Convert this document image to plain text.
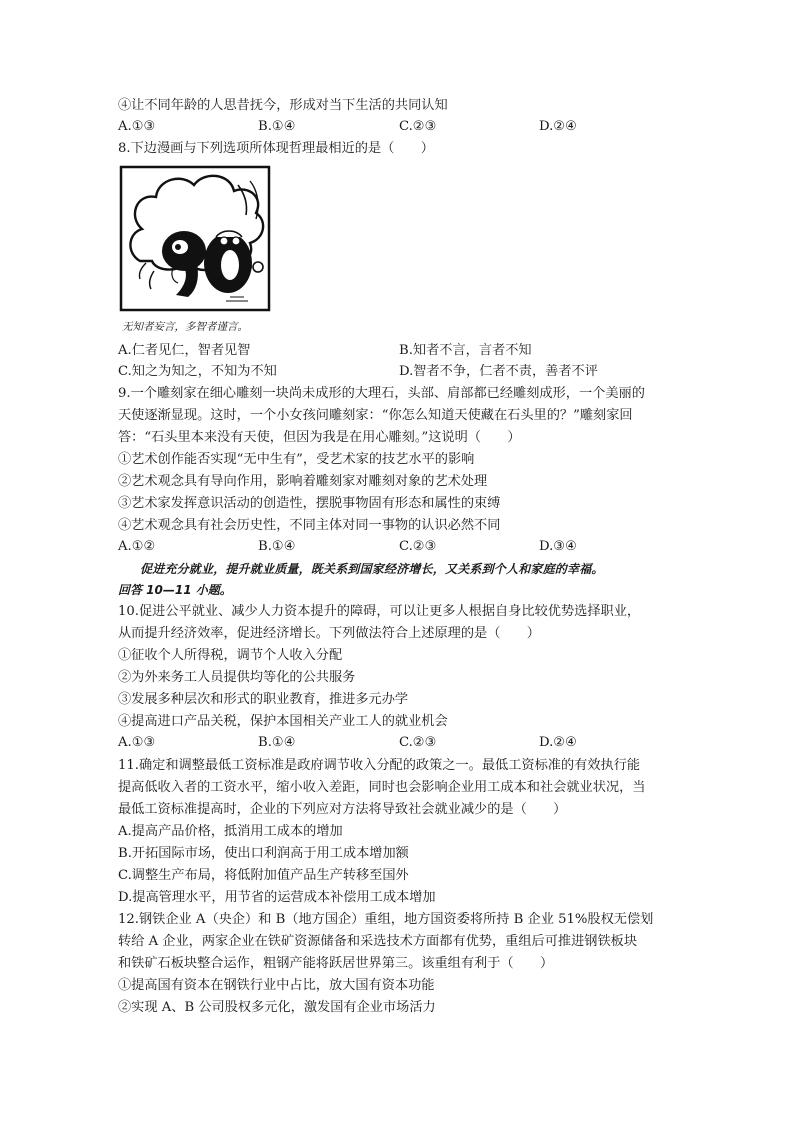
④让不同年龄的人思昔抚今，形成对当下生活的共同认知
A.①③	B.①④	C.②③	D.②④
8.下边漫画与下列选项所体现哲理最相近的是（　　）
无知者妄言，多智者谨言。
A.仁者见仁，智者见智	B.知者不言，言者不知
C.知之为知之，不知为不知	D.智者不争，仁者不责，善者不评
9.一个雕刻家在细心雕刻一块尚未成形的大理石，头部、肩部都已经雕刻成形，一个美丽的
天使逐渐显现。这时，一个小女孩问雕刻家：“你怎么知道天使藏在石头里的？”雕刻家回
答：“石头里本来没有天使，但因为我是在用心雕刻。”这说明（　　）
①艺术创作能否实现“无中生有”，受艺术家的技艺水平的影响
②艺术观念具有导向作用，影响着雕刻家对雕刻对象的艺术处理
③艺术家发挥意识活动的创造性，摆脱事物固有形态和属性的束缚
④艺术观念具有社会历史性，不同主体对同一事物的认识必然不同
A.①②	B.①④	C.②③	D.③④
促进充分就业，提升就业质量，既关系到国家经济增长，又关系到个人和家庭的幸福。
回答 10—11 小题。
10.促进公平就业、减少人力资本提升的障碍，可以让更多人根据自身比较优势选择职业，
从而提升经济效率，促进经济增长。下列做法符合上述原理的是（　　）
①征收个人所得税，调节个人收入分配
②为外来务工人员提供均等化的公共服务
③发展多种层次和形式的职业教育，推进多元办学
④提高进口产品关税，保护本国相关产业工人的就业机会
A.①③	B.①④	C.②③	D.②④
11.确定和调整最低工资标准是政府调节收入分配的政策之一。最低工资标准的有效执行能
提高低收入者的工资水平，缩小收入差距，同时也会影响企业用工成本和社会就业状况，当
最低工资标准提高时，企业的下列应对方法将导致社会就业减少的是（　　）
A.提高产品价格，抵消用工成本的增加
B.开拓国际市场，使出口利润高于用工成本增加额
C.调整生产布局，将低附加值产品生产转移至国外
D.提高管理水平，用节省的运营成本补偿用工成本增加
12.钢铁企业 A（央企）和 B（地方国企）重组，地方国资委将所持 B 企业 51%股权无偿划
转给 A 企业，两家企业在铁矿资源储备和采选技术方面都有优势，重组后可推进钢铁板块
和铁矿石板块整合运作，粗钢产能将跃居世界第三。该重组有利于（　　）
①提高国有资本在钢铁行业中占比，放大国有资本功能
②实现 A、B 公司股权多元化，激发国有企业市场活力
